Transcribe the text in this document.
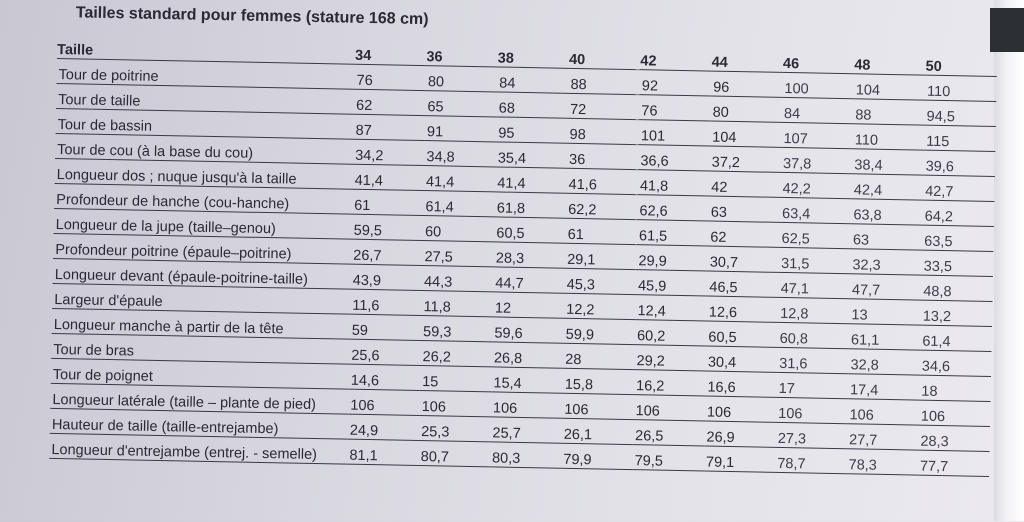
Tailles standard pour femmes (stature 168 cm)
Taille	34	36	38	40	42	44	46	48	50
Tour de poitrine	76	80	84	88	92	96	100	104	110
Tour de taille	62	65	68	72	76	80	84	88	94,5
Tour de bassin	87	91	95	98	101	104	107	110	115
Tour de cou (à la base du cou)	34,2	34,8	35,4	36	36,6	37,2	37,8	38,4	39,6
Longueur dos ; nuque jusqu'à la taille	41,4	41,4	41,4	41,6	41,8	42	42,2	42,4	42,7
Profondeur de hanche (cou-hanche)	61	61,4	61,8	62,2	62,6	63	63,4	63,8	64,2
Longueur de la jupe (taille–genou)	59,5	60	60,5	61	61,5	62	62,5	63	63,5
Profondeur poitrine (épaule–poitrine)	26,7	27,5	28,3	29,1	29,9	30,7	31,5	32,3	33,5
Longueur devant (épaule-poitrine-taille)	43,9	44,3	44,7	45,3	45,9	46,5	47,1	47,7	48,8
Largeur d'épaule	11,6	11,8	12	12,2	12,4	12,6	12,8	13	13,2
Longueur manche à partir de la tête	59	59,3	59,6	59,9	60,2	60,5	60,8	61,1	61,4
Tour de bras	25,6	26,2	26,8	28	29,2	30,4	31,6	32,8	34,6
Tour de poignet	14,6	15	15,4	15,8	16,2	16,6	17	17,4	18
Longueur latérale (taille – plante de pied)	106	106	106	106	106	106	106	106	106
Hauteur de taille (taille-entrejambe)	24,9	25,3	25,7	26,1	26,5	26,9	27,3	27,7	28,3
Longueur d'entrejambe (entrej. - semelle)	81,1	80,7	80,3	79,9	79,5	79,1	78,7	78,3	77,7
